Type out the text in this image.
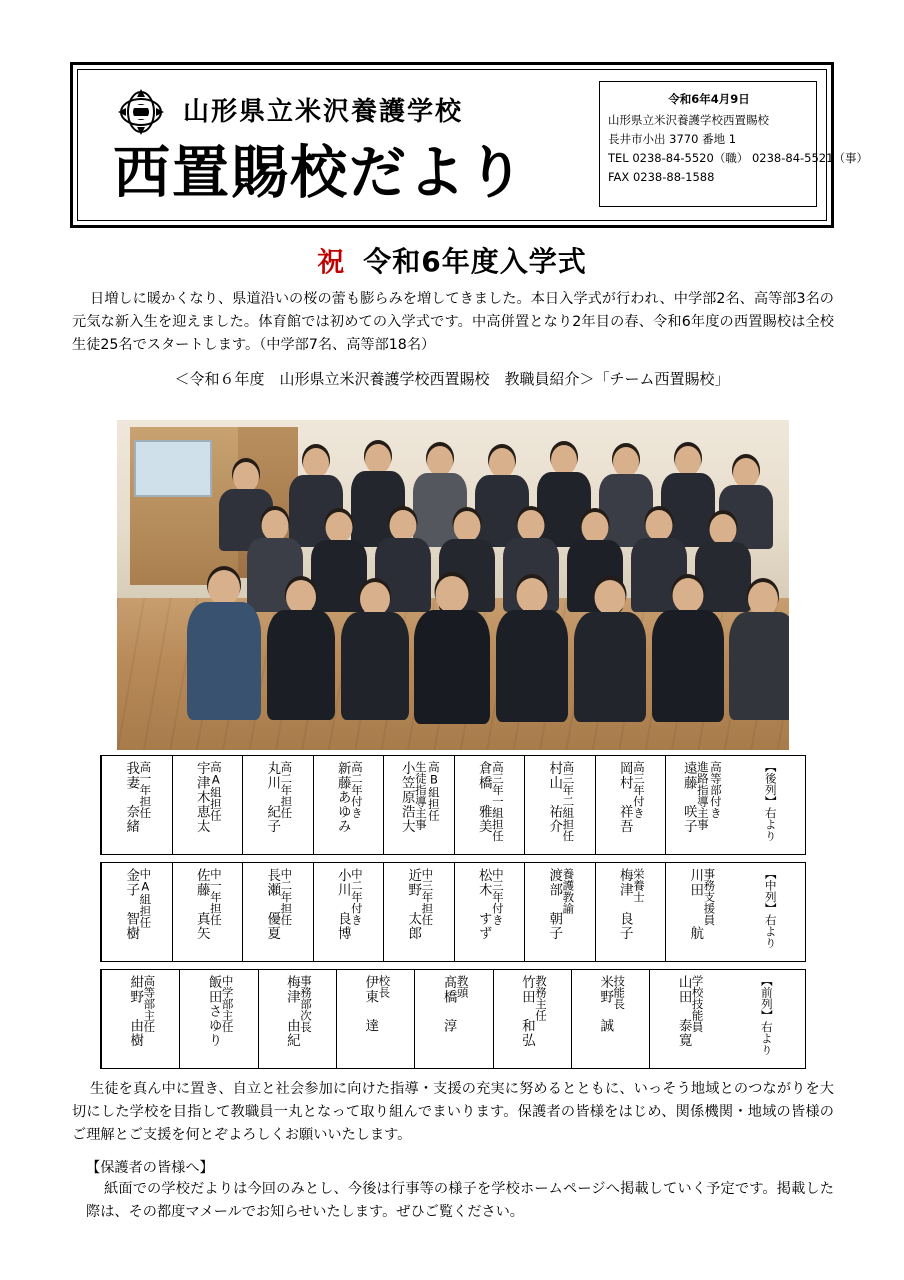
山形県立米沢養護学校
西置賜校だより
令和6年4月9日
山形県立米沢養護学校西置賜校
長井市小出 3770 番地 1
TEL 0238-84-5520（職） 0238-84-5521（事）
FAX 0238-88-1588
祝 令和6年度入学式
日増しに暖かくなり、県道沿いの桜の蕾も膨らみを増してきました。本日入学式が行われ、中学部2名、高等部3名の元気な新入生を迎えました。体育館では初めての入学式です。中高併置となり2年目の春、令和6年度の西置賜校は全校生徒25名でスタートします。（中学部7名、高等部18名）
＜令和６年度　山形県立米沢養護学校西置賜校　教職員紹介＞「チーム西置賜校」
【後列】右より
高等部付き
進路指導主事
遠藤　咲子
高三年付き
岡村　祥吾
高三年二組担任
村山　祐介
高三年一組担任
倉橋　雅美
高B組担任
生徒指導主事
小笠原浩大
高二年付き
新藤あゆみ
高二年担任
丸川　紀子
高A組担任
宇津木恵太
高一年担任
我妻　奈緒
【中列】右より
事務支援員
川田　　航
栄養士
梅津　良子
養護教諭
渡部　朝子
中三年付き
松木　すず
中三年担任
近野　太郎
中二年付き
小川　良博
中二年担任
長瀬　優夏
中一年担任
佐藤　真矢
中A組担任
金子　智樹
【前列】右より
学校技能員
山田　泰寛
技能長
米野　誠
教務主任
竹田　和弘
教頭
髙橋　淳
校長
伊東　達
事務部次長
梅津　由紀
中学部主任
飯田さゆり
高等部主任
紺野　由樹
生徒を真ん中に置き、自立と社会参加に向けた指導・支援の充実に努めるとともに、いっそう地域とのつながりを大切にした学校を目指して教職員一丸となって取り組んでまいります。保護者の皆様をはじめ、関係機関・地域の皆様のご理解とご支援を何とぞよろしくお願いいたします。
【保護者の皆様へ】
紙面での学校だよりは今回のみとし、今後は行事等の様子を学校ホームページへ掲載していく予定です。掲載した際は、その都度マメールでお知らせいたします。ぜひご覧ください。
